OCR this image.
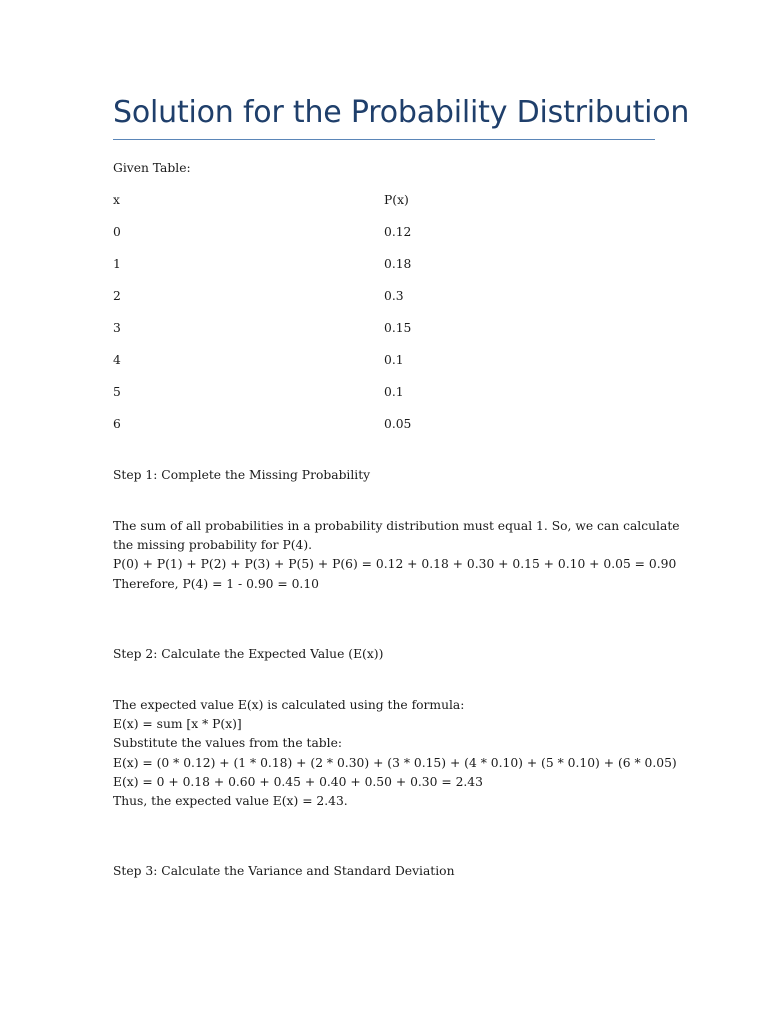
Solution for the Probability Distribution
Given Table:
x	P(x)
0	0.12
1	0.18
2	0.3
3	0.15
4	0.1
5	0.1
6	0.05
Step 1: Complete the Missing Probability
The sum of all probabilities in a probability distribution must equal 1. So, we can calculate
the missing probability for P(4).
P(0) + P(1) + P(2) + P(3) + P(5) + P(6) = 0.12 + 0.18 + 0.30 + 0.15 + 0.10 + 0.05 = 0.90
Therefore, P(4) = 1 - 0.90 = 0.10
Step 2: Calculate the Expected Value (E(x))
The expected value E(x) is calculated using the formula:
E(x) = sum [x * P(x)]
Substitute the values from the table:
E(x) = (0 * 0.12) + (1 * 0.18) + (2 * 0.30) + (3 * 0.15) + (4 * 0.10) + (5 * 0.10) + (6 * 0.05)
E(x) = 0 + 0.18 + 0.60 + 0.45 + 0.40 + 0.50 + 0.30 = 2.43
Thus, the expected value E(x) = 2.43.
Step 3: Calculate the Variance and Standard Deviation
